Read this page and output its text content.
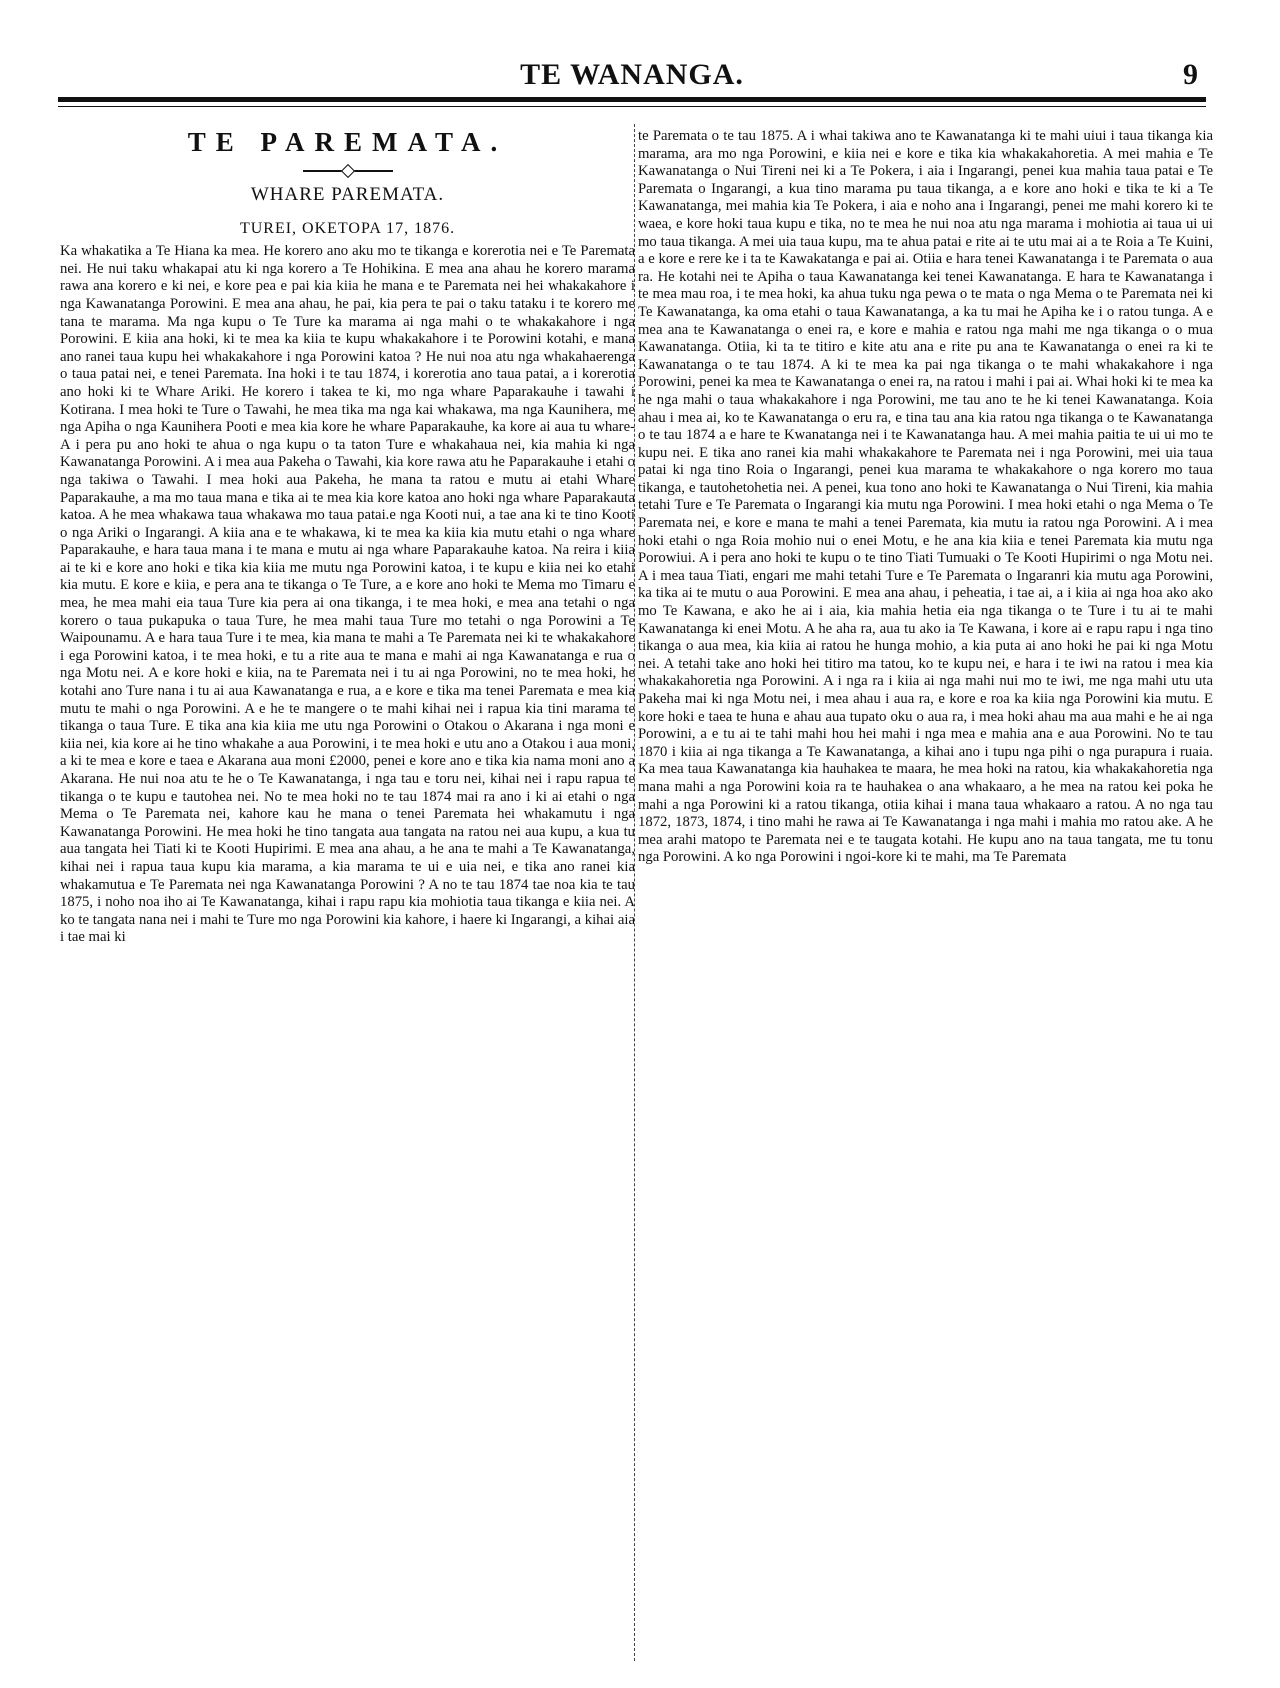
TE WANANGA.	9
TE PAREMATA.
WHARE PAREMATA.
TUREI, OKETOPA 17, 1876.

Ka whakatika a Te Hiana ka mea. He korero ano aku mo te tikanga e korerotia nei e Te Paremata nei. He nui taku whakapai atu ki nga korero a Te Hohikina. E mea ana ahau he korero marama rawa ana korero e ki nei, e kore pea e pai kia kiia he mana e te Paremata nei hei whakakahore i nga Kawanatanga Porowini. E mea ana ahau, he pai, kia pera te pai o taku tataku i te korero me tana te marama. Ma nga kupu o Te Ture ka marama ai nga mahi o te whakakahore i nga Porowini. E kiia ana hoki, ki te mea ka kiia te kupu whakakahore i te Porowini kotahi, e mana ano ranei taua kupu hei whakakahore i nga Porowini katoa ? He nui noa atu nga whakahaerenga o taua patai nei, e tenei Paremata. Ina hoki i te tau 1874, i korerotia ano taua patai, a i korerotia ano hoki ki te Whare Ariki. He korero i takea te ki, mo nga whare Paparakauhe i tawahi i Kotirana. I mea hoki te Ture o Tawahi, he mea tika ma nga kai whakawa, ma nga Kaunihera, me nga Apiha o nga Kaunihera Pooti e mea kia kore he whare Paparakauhe, ka kore ai aua tu whare- A i pera pu ano hoki te ahua o nga kupu o ta taton Ture e whakahaua nei, kia mahia ki nga Kawanatanga Porowini. A i mea aua Pakeha o Tawahi, kia kore rawa atu he Paparakauhe i etahi o nga takiwa o Tawahi. I mea hoki aua Pakeha, he mana ta ratou e mutu ai etahi Whare Paparakauhe, a ma mo taua mana e tika ai te mea kia kore katoa ano hoki nga whare Paparakauta katoa. A he mea whakawa taua whakawa mo taua patai.e nga Kooti nui, a tae ana ki te tino Kooti o nga Ariki o Ingarangi. A kiia ana e te whakawa, ki te mea ka kiia kia mutu etahi o nga whare Paparakauhe, e hara taua mana i te mana e mutu ai nga whare Paparakauhe katoa. Na reira i kiia ai te ki e kore ano hoki e tika kia kiia me mutu nga Porowini katoa, i te kupu e kiia nei ko etahi kia mutu. E kore e kiia, e pera ana te tikanga o Te Ture, a e kore ano hoki te Mema mo Timaru e mea, he mea mahi eia taua Ture kia pera ai ona tikanga, i te mea hoki, e mea ana tetahi o nga korero o taua pukapuka o taua Ture, he mea mahi taua Ture mo tetahi o nga Porowini a Te Waipounamu. A e hara taua Ture i te mea, kia mana te mahi a Te Paremata nei ki te whakakahore i ega Porowini katoa, i te mea hoki, e tu a rite aua te mana e mahi ai nga Kawanatanga e rua o nga Motu nei. A e kore hoki e kiia, na te Paremata nei i tu ai nga Porowini, no te mea hoki, he kotahi ano Ture nana i tu ai aua Kawanatanga e rua, a e kore e tika ma tenei Paremata e mea kia mutu te mahi o nga Porowini. A e he te mangere o te mahi kihai nei i rapua kia tini marama te tikanga o taua Ture. E tika ana kia kiia me utu nga Porowini o Otakou o Akarana i nga moni e kiia nei, kia kore ai he tino whakahe a aua Porowini, i te mea hoki e utu ano a Otakou i aua moni, a ki te mea e kore e taea e Akarana aua moni £2000, penei e kore ano e tika kia nama moni ano a Akarana. He nui noa atu te he o Te Kawanatanga, i nga tau e toru nei, kihai nei i rapu rapua te tikanga o te kupu e tautohea nei. No te mea hoki no te tau 1874 mai ra ano i ki ai etahi o nga Mema o Te Paremata nei, kahore kau he mana o tenei Paremata hei whakamutu i nga Kawanatanga Porowini. He mea hoki he tino tangata aua tangata na ratou nei aua kupu, a kua tu aua tangata hei Tiati ki te Kooti Hupirimi. E mea ana ahau, a he ana te mahi a Te Kawanatanga, kihai nei i rapua taua kupu kia marama, a kia marama te ui e uia nei, e tika ano ranei kia whakamutua e Te Paremata nei nga Kawanatanga Porowini ? A no te tau 1874 tae noa kia te tau 1875, i noho noa iho ai Te Kawanatanga, kihai i rapu rapu kia mohiotia taua tikanga e kiia nei. A ko te tangata nana nei i mahi te Ture mo nga Porowini kia kahore, i haere ki Ingarangi, a kihai aia i tae mai ki

te Paremata o te tau 1875. A i whai takiwa ano te Kawanatanga ki te mahi uiui i taua tikanga kia marama, ara mo nga Porowini, e kiia nei e kore e tika kia whakakahoretia. A mei mahia e Te Kawanatanga o Nui Tireni nei ki a Te Pokera, i aia i Ingarangi, penei kua mahia taua patai e Te Paremata o Ingarangi, a kua tino marama pu taua tikanga, a e kore ano hoki e tika te ki a Te Kawanatanga, mei mahia kia Te Pokera, i aia e noho ana i Ingarangi, penei me mahi korero ki te waea, e kore hoki taua kupu e tika, no te mea he nui noa atu nga marama i mohiotia ai taua ui ui mo taua tikanga. A mei uia taua kupu, ma te ahua patai e rite ai te utu mai ai a te Roia a Te Kuini, a e kore e rere ke i ta te Kawakatanga e pai ai. Otiia e hara tenei Kawanatanga i te Paremata o aua ra. He kotahi nei te Apiha o taua Kawanatanga kei tenei Kawanatanga. E hara te Kawanatanga i te mea mau roa, i te mea hoki, ka ahua tuku nga pewa o te mata o nga Mema o te Paremata nei ki Te Kawanatanga, ka oma etahi o taua Kawanatanga, a ka tu mai he Apiha ke i o ratou tunga. A e mea ana te Kawanatanga o enei ra, e kore e mahia e ratou nga mahi me nga tikanga o o mua Kawanatanga. Otiia, ki ta te titiro e kite atu ana e rite pu ana te Kawanatanga o enei ra ki te Kawanatanga o te tau 1874. A ki te mea ka pai nga tikanga o te mahi whakakahore i nga Porowini, penei ka mea te Kawanatanga o enei ra, na ratou i mahi i pai ai. Whai hoki ki te mea ka he nga mahi o taua whakakahore i nga Porowini, me tau ano te he ki tenei Kawanatanga. Koia ahau i mea ai, ko te Kawanatanga o eru ra, e tina tau ana kia ratou nga tikanga o te Kawanatanga o te tau 1874 a e hare te Kwanatanga nei i te Kawanatanga hau. A mei mahia paitia te ui ui mo te kupu nei. E tika ano ranei kia mahi whakakahore te Paremata nei i nga Porowini, mei uia taua patai ki nga tino Roia o Ingarangi, penei kua marama te whakakahore o nga korero mo taua tikanga, e tautohetohetia nei. A penei, kua tono ano hoki te Kawanatanga o Nui Tireni, kia mahia tetahi Ture e Te Paremata o Ingarangi kia mutu nga Porowini. I mea hoki etahi o nga Mema o Te Paremata nei, e kore e mana te mahi a tenei Paremata, kia mutu ia ratou nga Porowini. A i mea hoki etahi o nga Roia mohio nui o enei Motu, e he ana kia kiia e tenei Paremata kia mutu nga Porowiui. A i pera ano hoki te kupu o te tino Tiati Tumuaki o Te Kooti Hupirimi o nga Motu nei. A i mea taua Tiati, engari me mahi tetahi Ture e Te Paremata o Ingaranri kia mutu aga Porowini, ka tika ai te mutu o aua Porowini. E mea ana ahau, i peheatia, i tae ai, a i kiia ai nga hoa ako ako mo Te Kawana, e ako he ai i aia, kia mahia hetia eia nga tikanga o te Ture i tu ai te mahi Kawanatanga ki enei Motu. A he aha ra, aua tu ako ia Te Kawana, i kore ai e rapu rapu i nga tino tikanga o aua mea, kia kiia ai ratou he hunga mohio, a kia puta ai ano hoki he pai ki nga Motu nei. A tetahi take ano hoki hei titiro ma tatou, ko te kupu nei, e hara i te iwi na ratou i mea kia whakakahoretia nga Porowini. A i nga ra i kiia ai nga mahi nui mo te iwi, me nga mahi utu uta Pakeha mai ki nga Motu nei, i mea ahau i aua ra, e kore e roa ka kiia nga Porowini kia mutu. E kore hoki e taea te huna e ahau aua tupato oku o aua ra, i mea hoki ahau ma aua mahi e he ai nga Porowini, a e tu ai te tahi mahi hou hei mahi i nga mea e mahia ana e aua Porowini. No te tau 1870 i kiia ai nga tikanga a Te Kawanatanga, a kihai ano i tupu nga pihi o nga purapura i ruaia. Ka mea taua Kawanatanga kia hauhakea te maara, he mea hoki na ratou, kia whakakahoretia nga mana mahi a nga Porowini koia ra te hauhakea o ana whakaaro, a he mea na ratou kei poka he mahi a nga Porowini ki a ratou tikanga, otiia kihai i mana taua whakaaro a ratou. A no nga tau 1872, 1873, 1874, i tino mahi he rawa ai Te Kawanatanga i nga mahi i mahia mo ratou ake. A he mea arahi matopo te Paremata nei e te taugata kotahi. He kupu ano na taua tangata, me tu tonu nga Porowini. A ko nga Porowini i ngoi-kore ki te mahi, ma Te Paremata
